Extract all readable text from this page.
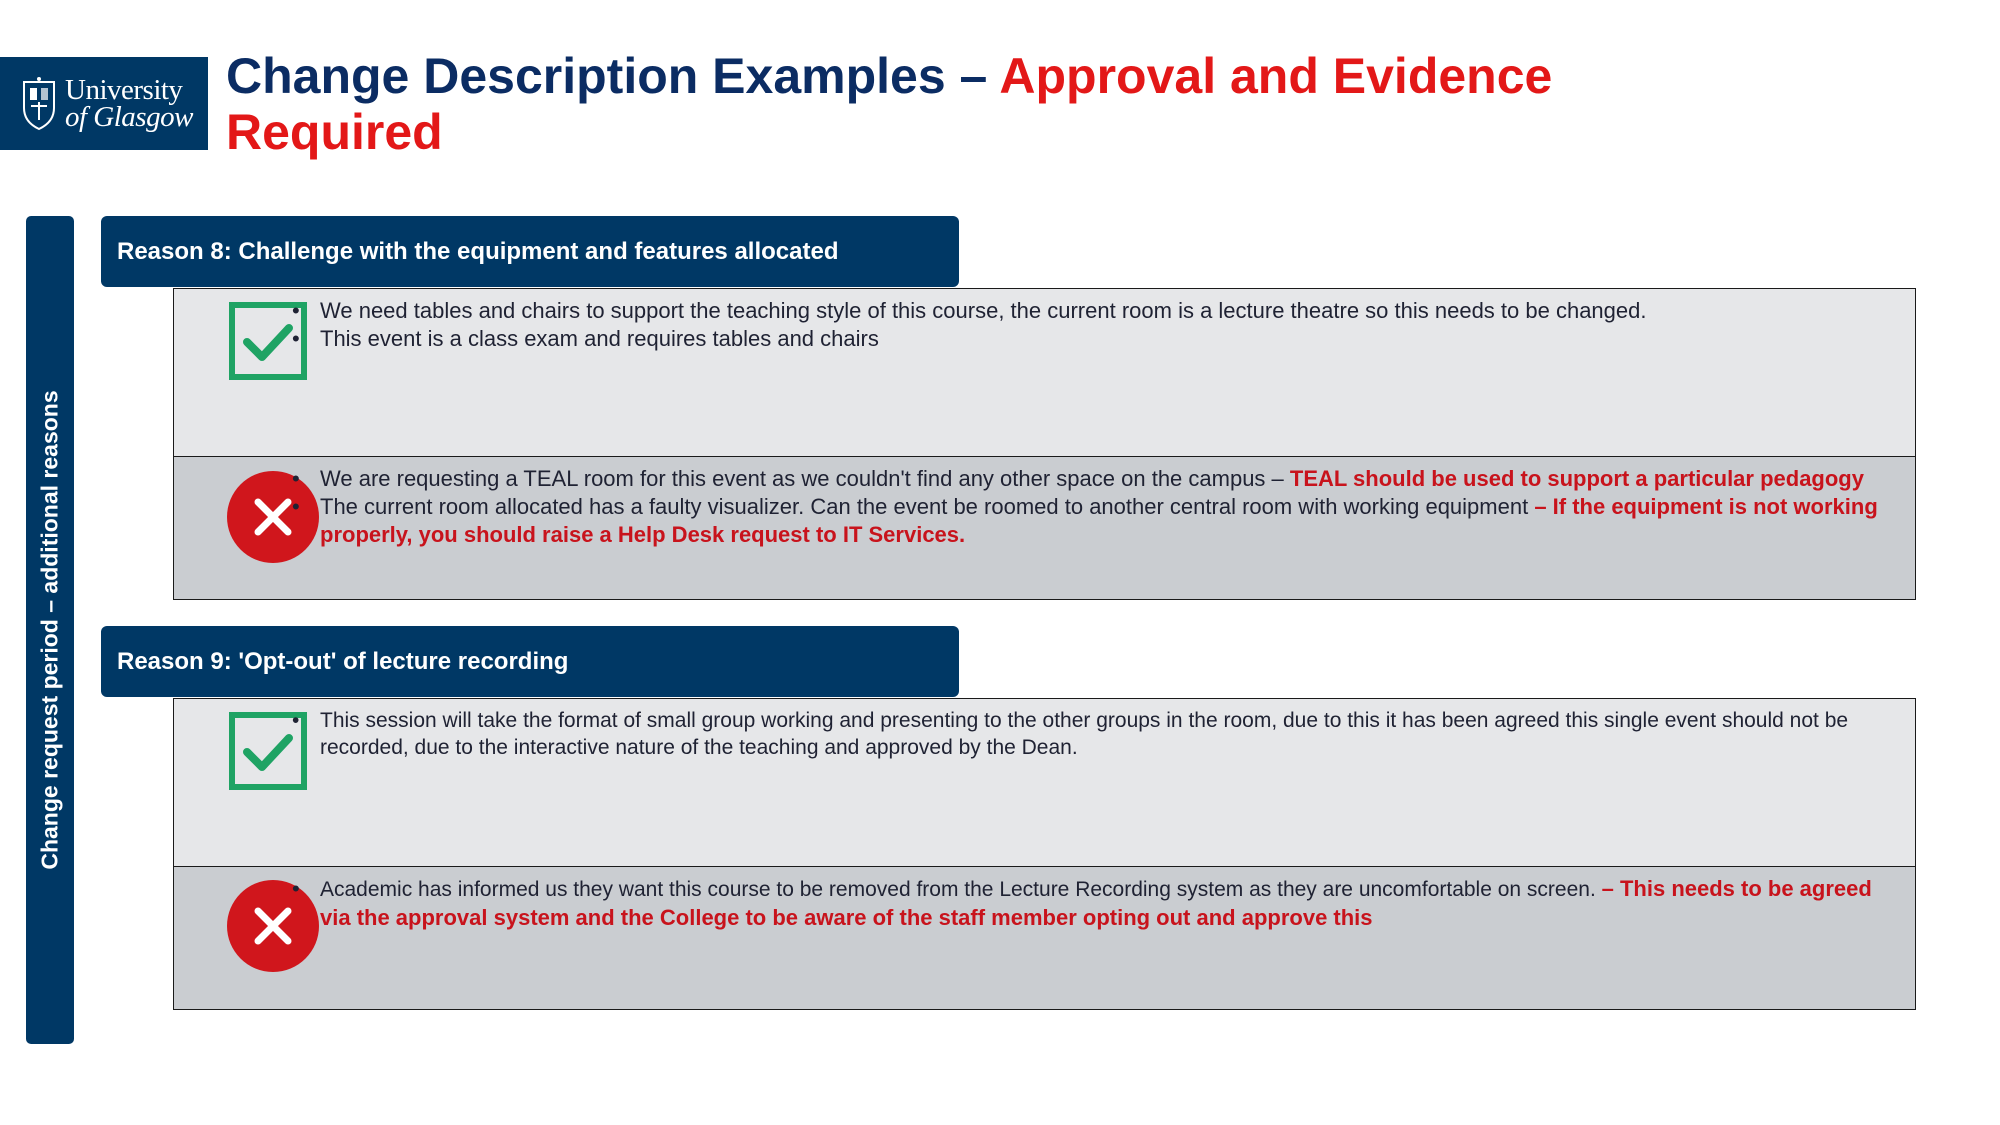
University
of Glasgow
Change Description Examples – Approval and Evidence Required
Change request period – additional reasons
Reason 8: Challenge with the equipment and features allocated
• We need tables and chairs to support the teaching style of this course, the current room is a lecture theatre so this needs to be changed.
• This event is a class exam and requires tables and chairs
• We are requesting a TEAL room for this event as we couldn't find any other space on the campus – TEAL should be used to support a particular pedagogy
• The current room allocated has a faulty visualizer. Can the event be roomed to another central room with working equipment – If the equipment is not working properly, you should raise a Help Desk request to IT Services.
Reason 9: 'Opt-out' of lecture recording
• This session will take the format of small group working and presenting to the other groups in the room, due to this it has been agreed this single event should not be recorded, due to the interactive nature of the teaching and approved by the Dean.
• Academic has informed us they want this course to be removed from the Lecture Recording system as they are uncomfortable on screen. – This needs to be agreed via the approval system and the College to be aware of the staff member opting out and approve this
